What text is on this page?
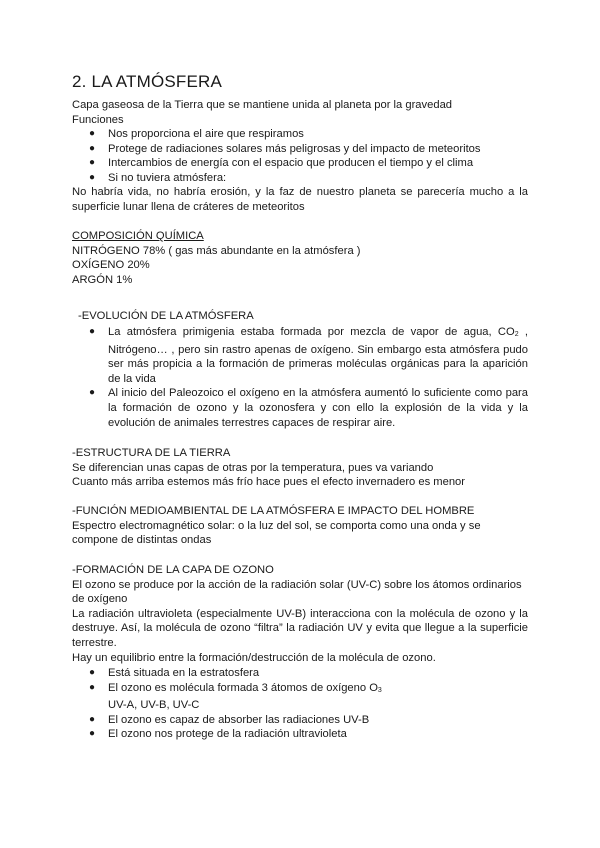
2. LA ATMÓSFERA
Capa gaseosa de la Tierra que se mantiene unida al planeta por la gravedad
Funciones
● Nos proporciona el aire que respiramos
● Protege de radiaciones solares más peligrosas y del impacto de meteoritos
● Intercambios de energía con el espacio que producen el tiempo y el clima
● Si no tuviera atmósfera:
No habría vida, no habría erosión, y la faz de nuestro planeta se parecería mucho a la superficie lunar llena de cráteres de meteoritos
COMPOSICIÓN QUÍMICA
NITRÓGENO 78% ( gas más abundante en la atmósfera )
OXÍGENO 20%
ARGÓN 1%
-EVOLUCIÓN DE LA ATMÓSFERA
● La atmósfera primigenia estaba formada por mezcla de vapor de agua, CO2 , Nitrógeno… , pero sin rastro apenas de oxígeno. Sin embargo esta atmósfera pudo ser más propicia a la formación de primeras moléculas orgánicas para la aparición de la vida
● Al inicio del Paleozoico el oxígeno en la atmósfera aumentó lo suficiente como para la formación de ozono y la ozonosfera y con ello la explosión de la vida y la evolución de animales terrestres capaces de respirar aire.
-ESTRUCTURA DE LA TIERRA
Se diferencian unas capas de otras por la temperatura, pues va variando
Cuanto más arriba estemos más frío hace pues el efecto invernadero es menor
-FUNCIÓN MEDIOAMBIENTAL DE LA ATMÓSFERA E IMPACTO DEL HOMBRE
Espectro electromagnético solar: o la luz del sol, se comporta como una onda y se compone de distintas ondas
-FORMACIÓN DE LA CAPA DE OZONO
El ozono se produce por la acción de la radiación solar (UV-C) sobre los átomos ordinarios de oxígeno
La radiación ultravioleta (especialmente UV-B) interacciona con la molécula de ozono y la destruye. Así, la molécula de ozono “filtra” la radiación UV y evita que llegue a la superficie terrestre.
Hay un equilibrio entre la formación/destrucción de la molécula de ozono.
● Está situada en la estratosfera
● El ozono es molécula formada 3 átomos de oxígeno O3
UV-A, UV-B, UV-C
● El ozono es capaz de absorber las radiaciones UV-B
● El ozono nos protege de la radiación ultravioleta
